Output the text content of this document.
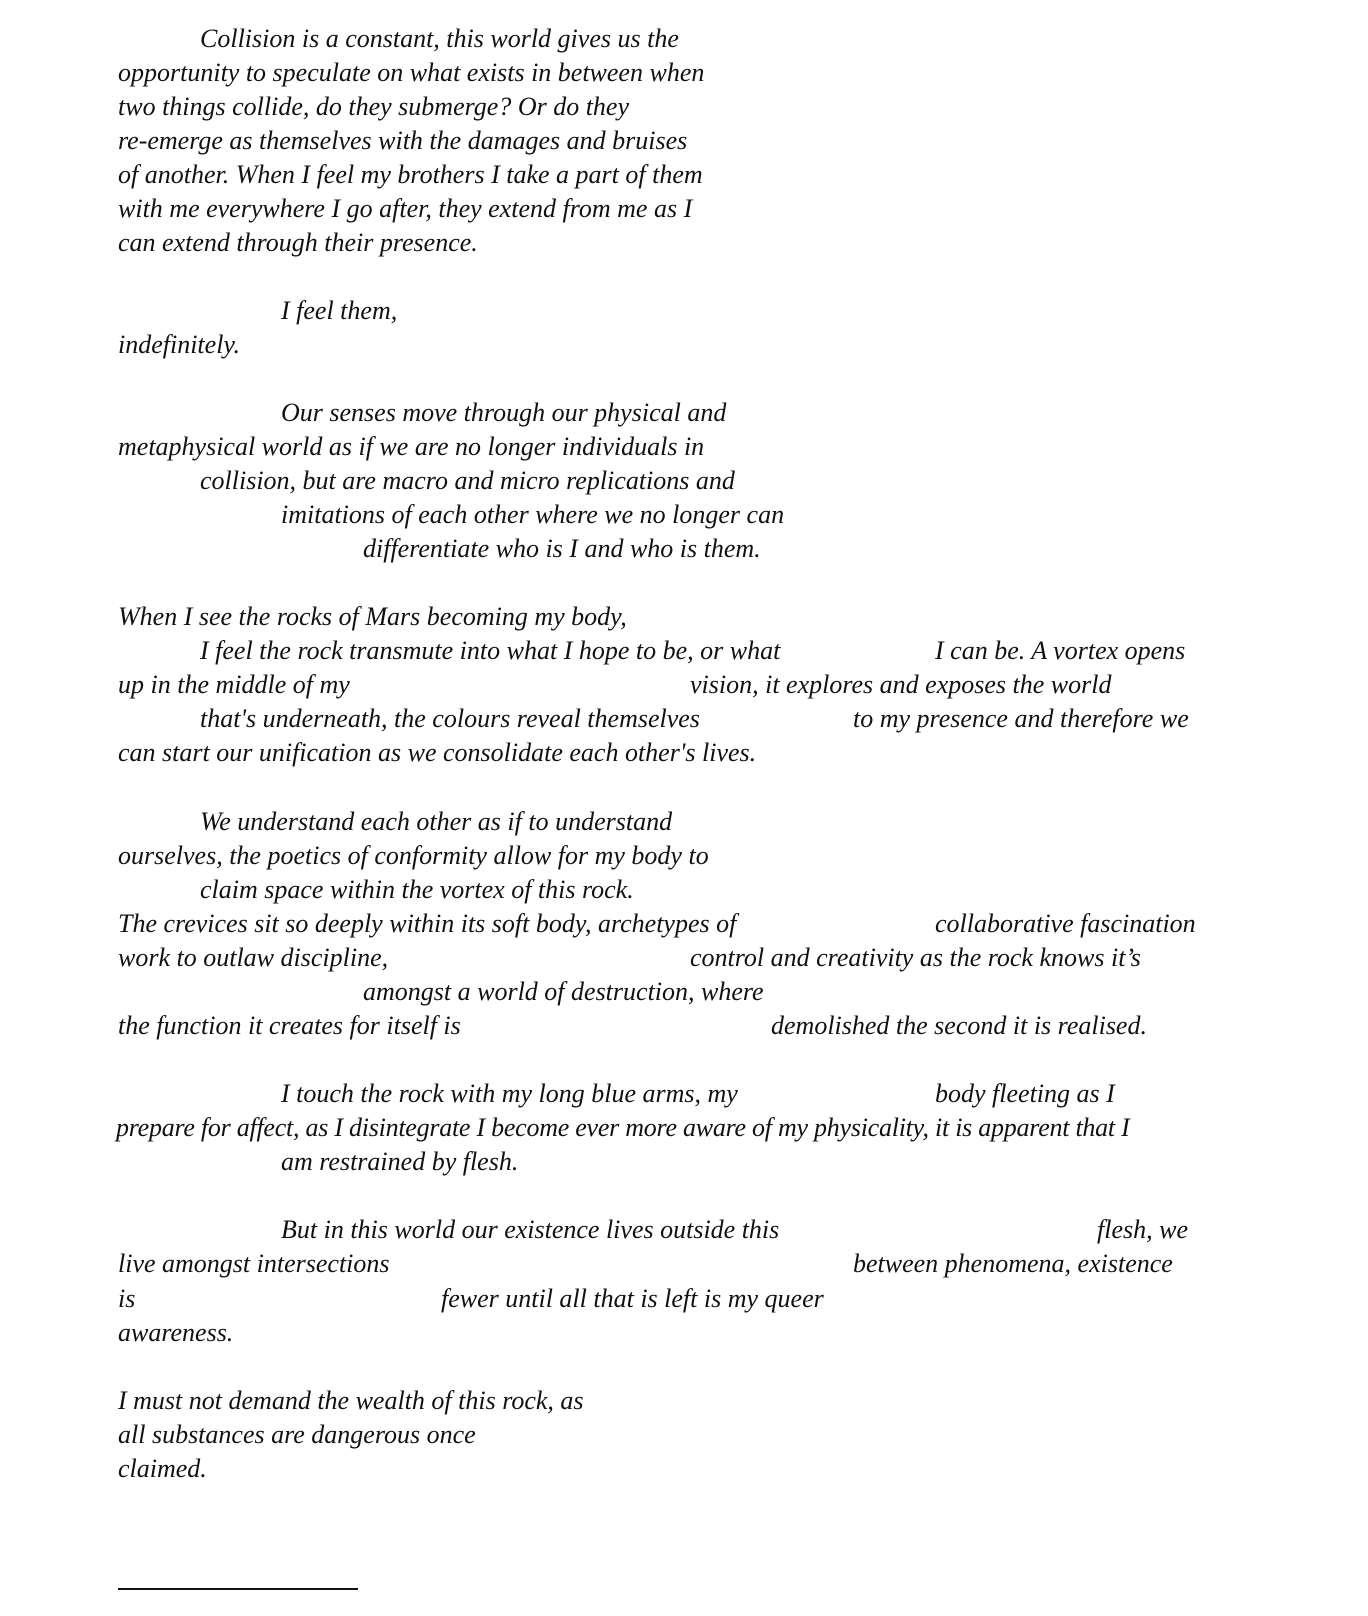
Collision is a constant, this world gives us the
opportunity to speculate on what exists in between when
two things collide, do they submerge? Or do they
re-emerge as themselves with the damages and bruises
of another. When I feel my brothers I take a part of them
with me everywhere I go after, they extend from me as I
can extend through their presence.
I feel them,
indefinitely.
Our senses move through our physical and
metaphysical world as if we are no longer individuals in
collision, but are macro and micro replications and
imitations of each other where we no longer can
differentiate who is I and who is them.
When I see the rocks of Mars becoming my body,
I feel the rock transmute into what I hope to be, or what	I can be. A vortex opens
up in the middle of my	vision, it explores and exposes the world
that's underneath, the colours reveal themselves	to my presence and therefore we
can start our unification as we consolidate each other's lives.
We understand each other as if to understand
ourselves, the poetics of conformity allow for my body to
claim space within the vortex of this rock.
The crevices sit so deeply within its soft body, archetypes of	collaborative fascination
work to outlaw discipline,	control and creativity as the rock knows it’s
amongst a world of destruction, where
the function it creates for itself is	demolished the second it is realised.
I touch the rock with my long blue arms, my	body fleeting as I
prepare for affect, as I disintegrate I become ever more aware of my physicality, it is apparent that I
am restrained by flesh.
But in this world our existence lives outside this	flesh, we
live amongst intersections	between phenomena, existence
is	fewer until all that is left is my queer
awareness.
I must not demand the wealth of this rock, as
all substances are dangerous once
claimed.
